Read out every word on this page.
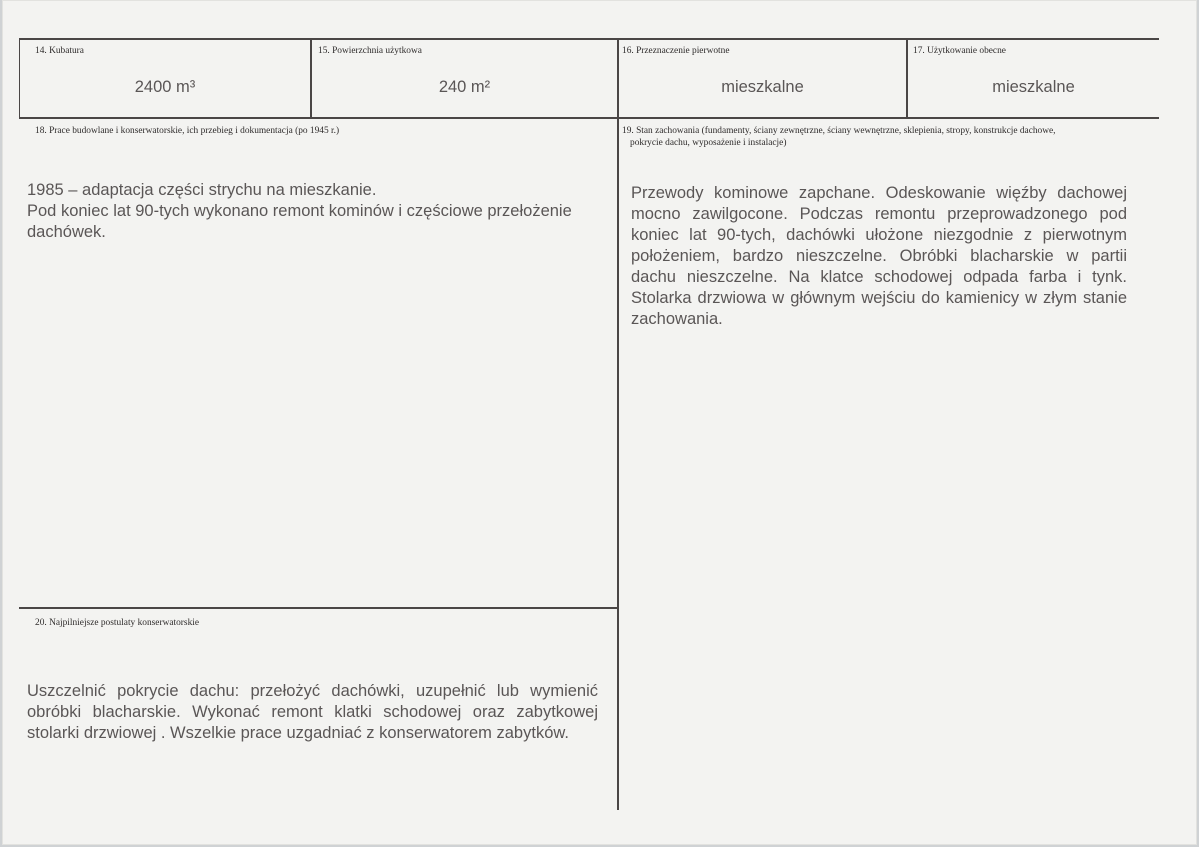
14. Kubatura	15. Powierzchnia użytkowa	16. Przeznaczenie pierwotne	17. Użytkowanie obecne
2400 m³	240 m²	mieszkalne	mieszkalne
18. Prace budowlane i konserwatorskie, ich przebieg i dokumentacja (po 1945 r.)
1985 – adaptacja części strychu na mieszkanie.
Pod koniec lat 90-tych wykonano remont kominów i częściowe przełożenie dachówek.
19. Stan zachowania (fundamenty, ściany zewnętrzne, ściany wewnętrzne, sklepienia, stropy, konstrukcje dachowe,
pokrycie dachu, wyposażenie i instalacje)
Przewody kominowe zapchane. Odeskowanie więźby dachowej mocno zawilgocone. Podczas remontu przeprowadzonego pod koniec lat 90-tych, dachówki ułożone niezgodnie z pierwotnym położeniem, bardzo nieszczelne. Obróbki blacharskie w partii dachu nieszczelne. Na klatce schodowej odpada farba i tynk. Stolarka drzwiowa w głównym wejściu do kamienicy w złym stanie zachowania.
20. Najpilniejsze postulaty konserwatorskie
Uszczelnić pokrycie dachu: przełożyć dachówki, uzupełnić lub wymienić obróbki blacharskie. Wykonać remont klatki schodowej oraz zabytkowej stolarki drzwiowej . Wszelkie prace uzgadniać z konserwatorem zabytków.
